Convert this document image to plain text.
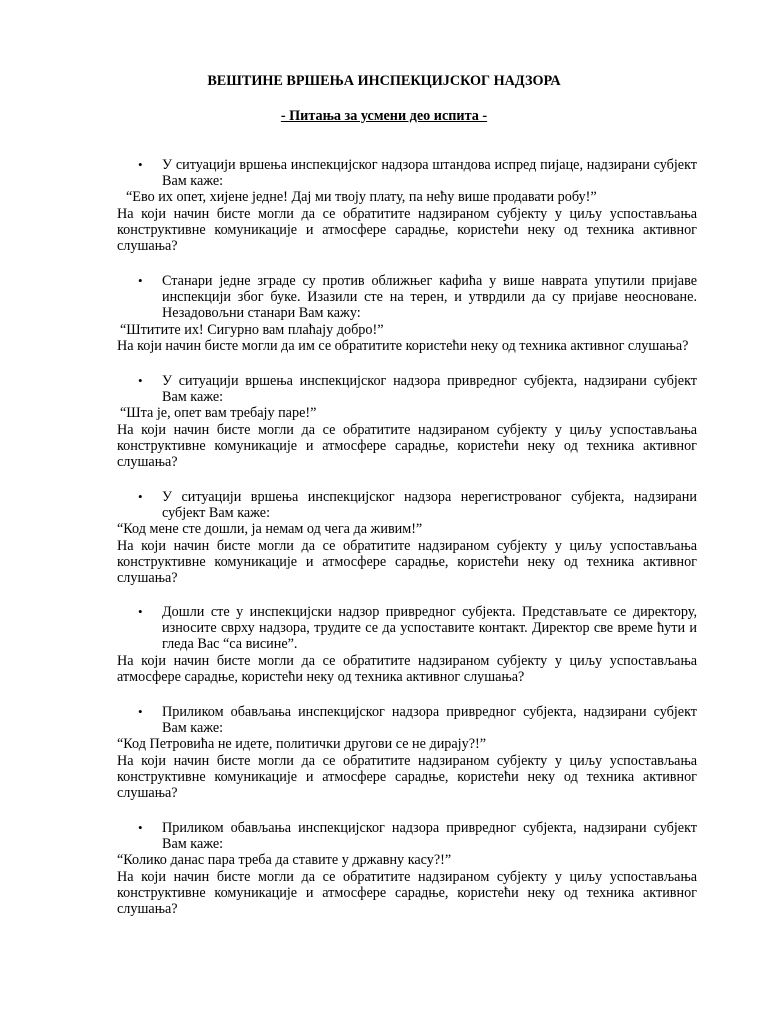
ВЕШТИНЕ ВРШЕЊА ИНСПЕКЦИЈСКОГ НАДЗОРА
- Питања за усмени део испита -
• У ситуацији вршења инспекцијског надзора штандова испред пијаце, надзирани субјект Вам каже:
“Ево их опет, хијене једне! Дај ми твоју плату, па нећу више продавати робу!”
На који начин бисте могли да се обратитите надзираном субјекту у циљу успостављања конструктивне комуникације и атмосфере сарадње, користећи неку од техника активног слушања?
• Станари једне зграде су против оближњег кафића у више наврата упутили пријаве инспекцији због буке. Изазили сте на терен, и утврдили да су пријаве неосноване. Незадовољни станари Вам кажу:
“Штитите их! Сигурно вам плаћају добро!”
На који начин бисте могли да им се обратитите користећи неку од техника активног слушања?
• У ситуацији вршења инспекцијског надзора привредног субјекта, надзирани субјект Вам каже:
“Шта је, опет вам требају паре!”
На који начин бисте могли да се обратитите надзираном субјекту у циљу успостављања конструктивне комуникације и атмосфере сарадње, користећи неку од техника активног слушања?
• У ситуацији вршења инспекцијског надзора нерегистрованог субјекта, надзирани субјект Вам каже:
“Код мене сте дошли, ја немам од чега да живим!”
На који начин бисте могли да се обратитите надзираном субјекту у циљу успостављања конструктивне комуникације и атмосфере сарадње, користећи неку од техника активног слушања?
• Дошли сте у инспекцијски надзор привредног субјекта. Представљате се директору, износите сврху надзора, трудите се да успоставите контакт. Директор све време ћути и гледа Вас “са висине”.
На који начин бисте могли да се обратитите надзираном субјекту у циљу успостављања атмосфере сарадње, користећи неку од техника активног слушања?
• Приликом обављања инспекцијског надзора привредног субјекта, надзирани субјект Вам каже:
“Код Петровића не идете, политички другови се не дирају?!”
На који начин бисте могли да се обратитите надзираном субјекту у циљу успостављања конструктивне комуникације и атмосфере сарадње, користећи неку од техника активног слушања?
• Приликом обављања инспекцијског надзора привредног субјекта, надзирани субјект Вам каже:
“Колико данас пара треба да ставите у државну касу?!”
На који начин бисте могли да се обратитите надзираном субјекту у циљу успостављања конструктивне комуникације и атмосфере сарадње, користећи неку од техника активног слушања?
